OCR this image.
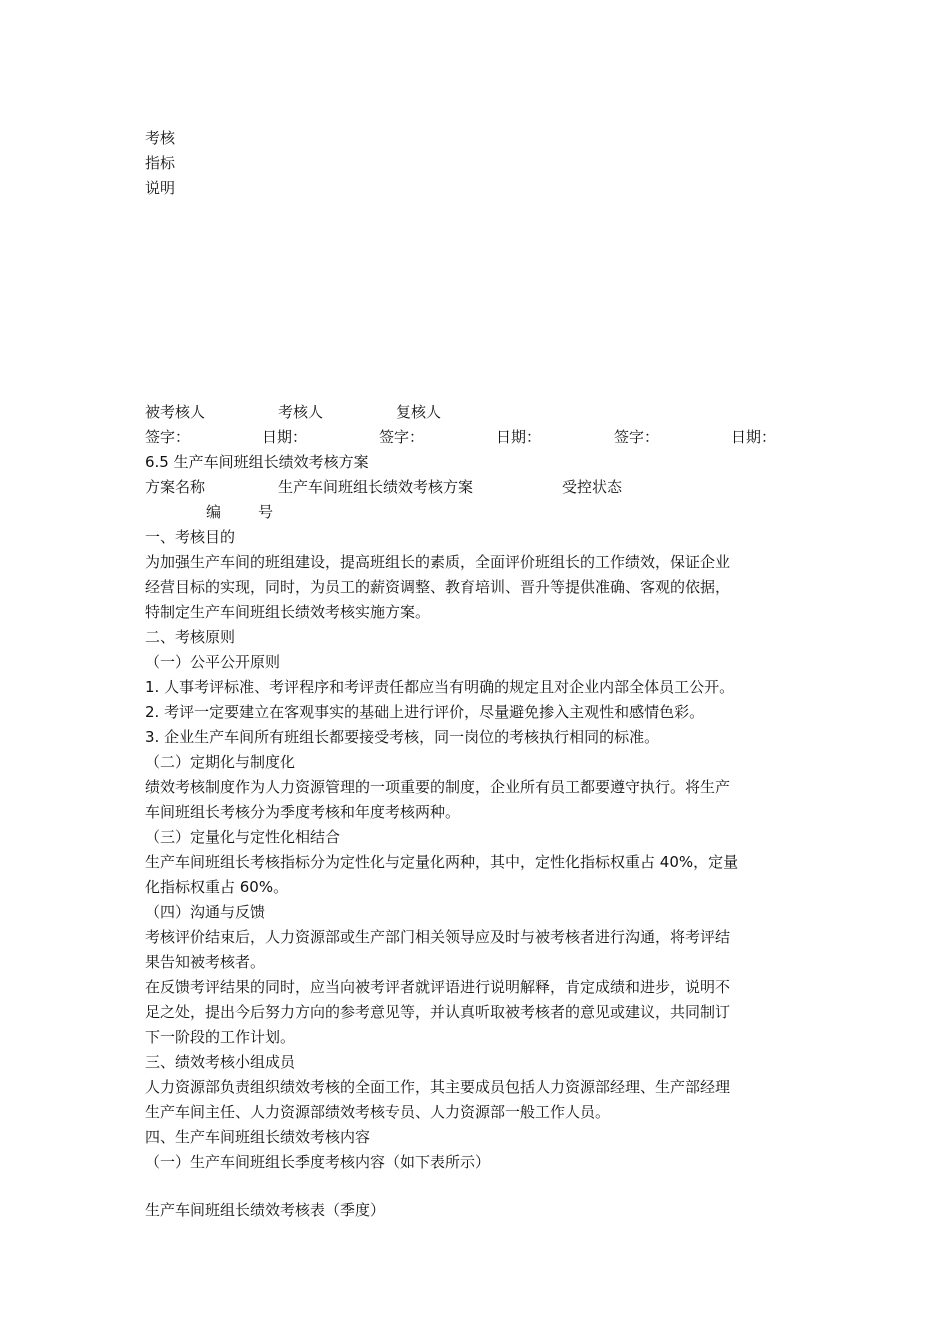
考核
指标
说明
被考核人	考核人	复核人
签字：	日期：	签字：	日期：	签字：	日期：
6.5 生产车间班组长绩效考核方案
方案名称	生产车间班组长绩效考核方案	受控状态
编 号
一、考核目的
为加强生产车间的班组建设，提高班组长的素质，全面评价班组长的工作绩效，保证企业
经营目标的实现，同时，为员工的薪资调整、教育培训、晋升等提供准确、客观的依据，
特制定生产车间班组长绩效考核实施方案。
二、考核原则
（一）公平公开原则
1. 人事考评标准、考评程序和考评责任都应当有明确的规定且对企业内部全体员工公开。
2. 考评一定要建立在客观事实的基础上进行评价，尽量避免掺入主观性和感情色彩。
3. 企业生产车间所有班组长都要接受考核，同一岗位的考核执行相同的标准。
（二）定期化与制度化
绩效考核制度作为人力资源管理的一项重要的制度，企业所有员工都要遵守执行。将生产
车间班组长考核分为季度考核和年度考核两种。
（三）定量化与定性化相结合
生产车间班组长考核指标分为定性化与定量化两种，其中，定性化指标权重占 40%，定量
化指标权重占 60%。
（四）沟通与反馈
考核评价结束后，人力资源部或生产部门相关领导应及时与被考核者进行沟通，将考评结
果告知被考核者。
在反馈考评结果的同时，应当向被考评者就评语进行说明解释，肯定成绩和进步，说明不
足之处，提出今后努力方向的参考意见等，并认真听取被考核者的意见或建议，共同制订
下一阶段的工作计划。
三、绩效考核小组成员
人力资源部负责组织绩效考核的全面工作，其主要成员包括人力资源部经理、生产部经理
生产车间主任、人力资源部绩效考核专员、人力资源部一般工作人员。
四、生产车间班组长绩效考核内容
（一）生产车间班组长季度考核内容（如下表所示）
生产车间班组长绩效考核表（季度）
